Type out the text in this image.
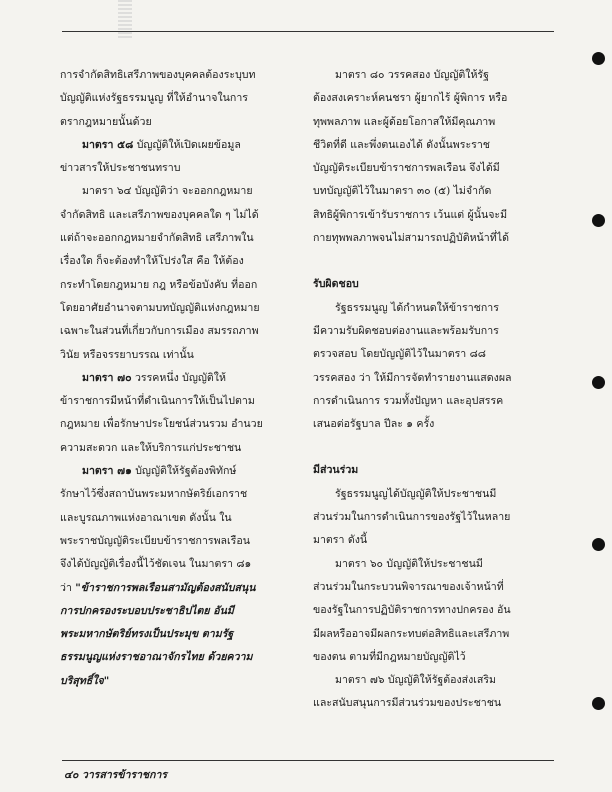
การจำกัดสิทธิเสรีภาพของบุคคลต้องระบุบท

บัญญัติแห่งรัฐธรรมนูญ ที่ให้อำนาจในการ

ตรากฎหมายนั้นด้วย

มาตรา ๕๘ บัญญัติให้เปิดเผยข้อมูล

ข่าวสารให้ประชาชนทราบ

มาตรา ๖๔ บัญญัติว่า จะออกกฎหมาย

จำกัดสิทธิ และเสรีภาพของบุคคลใด ๆ ไม่ได้

แต่ถ้าจะออกกฎหมายจำกัดสิทธิ เสรีภาพใน

เรื่องใด ก็จะต้องทำให้โปร่งใส คือ ให้ต้อง

กระทำโดยกฎหมาย กฎ หรือข้อบังคับ ที่ออก

โดยอาศัยอำนาจตามบทบัญญัติแห่งกฎหมาย

เฉพาะในส่วนที่เกี่ยวกับการเมือง สมรรถภาพ

วินัย หรือจรรยาบรรณ เท่านั้น

มาตรา ๗๐ วรรคหนึ่ง บัญญัติให้

ข้าราชการมีหน้าที่ดำเนินการให้เป็นไปตาม

กฎหมาย เพื่อรักษาประโยชน์ส่วนรวม อำนวย

ความสะดวก และให้บริการแก่ประชาชน

มาตรา ๗๑ บัญญัติให้รัฐต้องพิทักษ์

รักษาไว้ซึ่งสถาบันพระมหากษัตริย์เอกราช

และบูรณภาพแห่งอาณาเขต ดังนั้น ใน

พระราชบัญญัติระเบียบข้าราชการพลเรือน

จึงได้บัญญัติเรื่องนี้ไว้ชัดเจน ในมาตรา ๘๑

ว่า "ข้าราชการพลเรือนสามัญต้องสนับสนุน

การปกครองระบอบประชาธิปไตย อันมี

พระมหากษัตริย์ทรงเป็นประมุข ตามรัฐ

ธรรมนูญแห่งราชอาณาจักรไทย ด้วยความ

บริสุทธิ์ใจ"

มาตรา ๘๐ วรรคสอง บัญญัติให้รัฐ

ต้องสงเคราะห์คนชรา ผู้ยากไร้ ผู้พิการ หรือ

ทุพพลภาพ และผู้ด้อยโอกาสให้มีคุณภาพ

ชีวิตที่ดี และพึ่งตนเองได้ ดังนั้นพระราช

บัญญัติระเบียบข้าราชการพลเรือน จึงได้มี

บทบัญญัติไว้ในมาตรา ๓๐ (๕) ไม่จำกัด

สิทธิผู้พิการเข้ารับราชการ เว้นแต่ ผู้นั้นจะมี

กายทุพพลภาพจนไม่สามารถปฏิบัติหน้าที่ได้

รับผิดชอบ

รัฐธรรมนูญ ได้กำหนดให้ข้าราชการ

มีความรับผิดชอบต่องานและพร้อมรับการ

ตรวจสอบ โดยบัญญัติไว้ในมาตรา ๘๘

วรรคสอง ว่า ให้มีการจัดทำรายงานแสดงผล

การดำเนินการ รวมทั้งปัญหา และอุปสรรค

เสนอต่อรัฐบาล ปีละ ๑ ครั้ง

มีส่วนร่วม

รัฐธรรมนูญได้บัญญัติให้ประชาชนมี

ส่วนร่วมในการดำเนินการของรัฐไว้ในหลาย

มาตรา ดังนี้

มาตรา ๖๐ บัญญัติให้ประชาชนมี

ส่วนร่วมในกระบวนพิจารณาของเจ้าหน้าที่

ของรัฐในการปฏิบัติราชการทางปกครอง อัน

มีผลหรืออาจมีผลกระทบต่อสิทธิและเสรีภาพ

ของตน ตามที่มีกฎหมายบัญญัติไว้

มาตรา ๗๖ บัญญัติให้รัฐต้องส่งเสริม

และสนับสนุนการมีส่วนร่วมของประชาชน

๔๐ วารสารข้าราชการ
